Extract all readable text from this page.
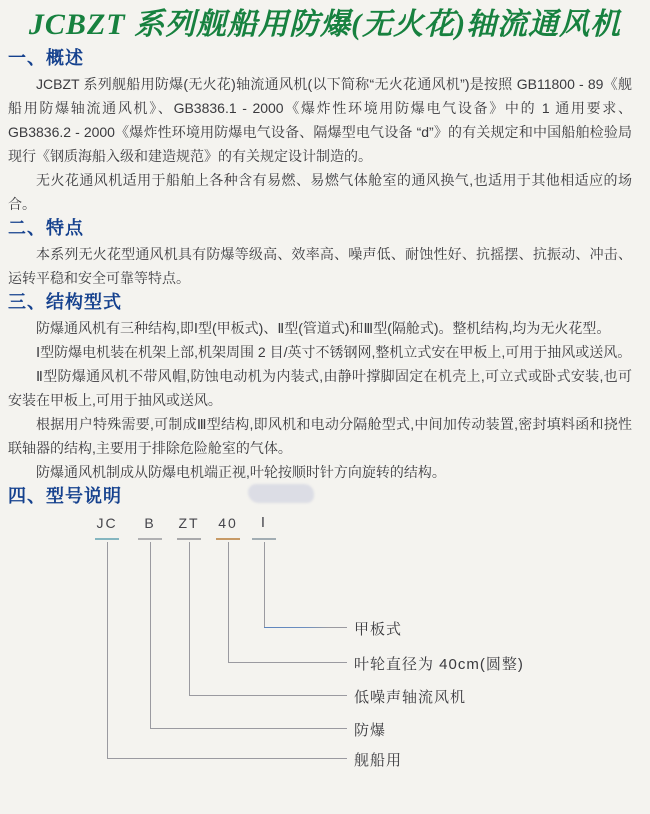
JCBZT 系列舰船用防爆(无火花)轴流通风机
一、概述

JCBZT 系列舰船用防爆(无火花)轴流通风机(以下简称“无火花通风机”)是按照 GB11800 - 89《舰船用防爆轴流通风机》、GB3836.1 - 2000《爆炸性环境用防爆电气设备》中的 1 通用要求、GB3836.2 - 2000《爆炸性环境用防爆电气设备、隔爆型电气设备 “d”》的有关规定和中国船舶检验局现行《钢质海船入级和建造规范》的有关规定设计制造的。

无火花通风机适用于船舶上各种含有易燃、易燃气体舱室的通风换气,也适用于其他相适应的场合。

二、特点

本系列无火花型通风机具有防爆等级高、效率高、噪声低、耐蚀性好、抗摇摆、抗振动、冲击、运转平稳和安全可靠等特点。

三、结构型式

防爆通风机有三种结构,即Ⅰ型(甲板式)、Ⅱ型(管道式)和Ⅲ型(隔舱式)。整机结构,均为无火花型。

Ⅰ型防爆电机装在机架上部,机架周围 2 目/英寸不锈钢网,整机立式安在甲板上,可用于抽风或送风。

Ⅱ型防爆通风机不带风帽,防蚀电动机为内装式,由静叶撑脚固定在机壳上,可立式或卧式安装,也可安装在甲板上,可用于抽风或送风。

根据用户特殊需要,可制成Ⅲ型结构,即风机和电动分隔舱型式,中间加传动装置,密封填料函和挠性联轴器的结构,主要用于排除危险舱室的气体。

防爆通风机制成从防爆电机端正视,叶轮按顺时针方向旋转的结构。

四、型号说明
JC	B	ZT	40	Ⅰ
舰船用
防爆
低噪声轴流风机
叶轮直径为 40cm(圆整)
甲板式
